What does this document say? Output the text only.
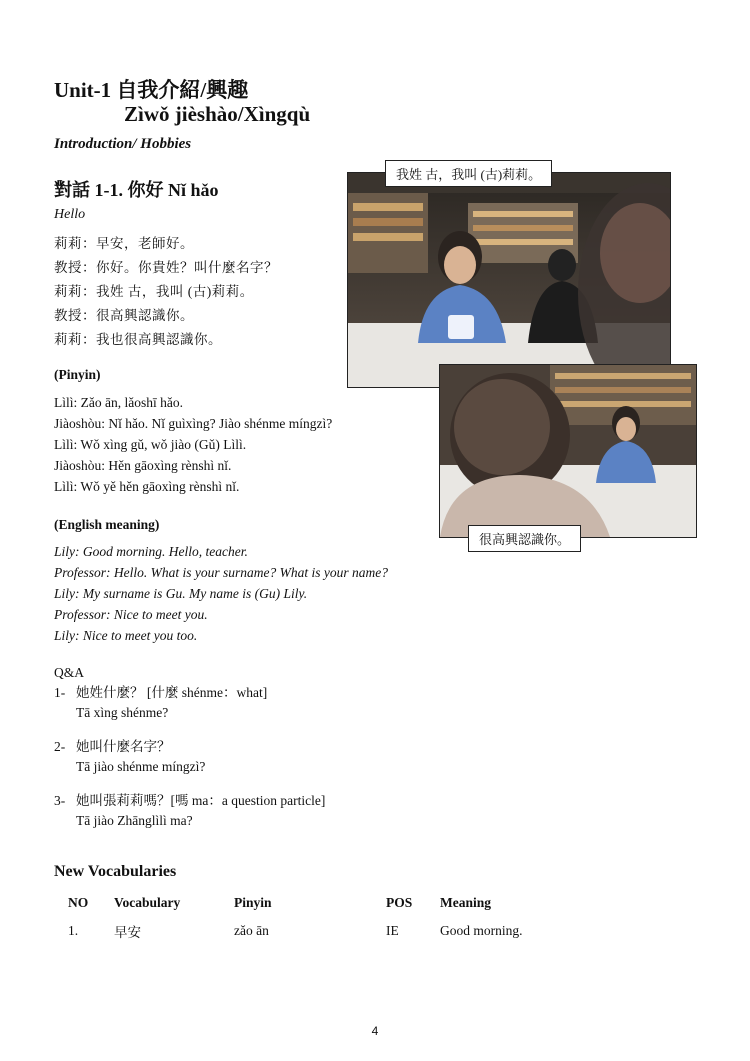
Unit-1 自我介紹/興趣
Zìwǒ jièshào/Xìngqù
Introduction/ Hobbies
對話 1-1. 你好 Nǐ hǎo
Hello
莉莉：早安，老師好。
教授：你好。你貴姓？叫什麼名字？
莉莉：我姓 古，我叫 (古)莉莉。
教授：很高興認識你。
莉莉：我也很高興認識你。
(Pinyin)
Lìlì: Zǎo ān, lǎoshī hǎo.
Jiàoshòu: Nǐ hǎo. Nǐ guìxìng? Jiào shénme míngzì?
Lìlì: Wǒ xìng gǔ, wǒ jiào (Gǔ) Lìlì.
Jiàoshòu: Hěn gāoxìng rènshì nǐ.
Lìlì: Wǒ yě hěn gāoxìng rènshì nǐ.
(English meaning)
Lily: Good morning. Hello, teacher.
Professor: Hello. What is your surname? What is your name?
Lily: My surname is Gu. My name is (Gu) Lily.
Professor: Nice to meet you.
Lily: Nice to meet you too.
我姓 古，我叫 (古)莉莉。
很高興認識你。
Q&A
1- 她姓什麼？ [什麼 shénme：what]
Tā xìng shénme?
2- 她叫什麼名字？
Tā jiào shénme míngzì?
3- 她叫張莉莉嗎？[嗎 ma：a question particle]
Tā jiào Zhānglìlì ma?
New Vocabularies
NO	Vocabulary	Pinyin	POS	Meaning
1.	早安	zǎo ān	IE	Good morning.
4
